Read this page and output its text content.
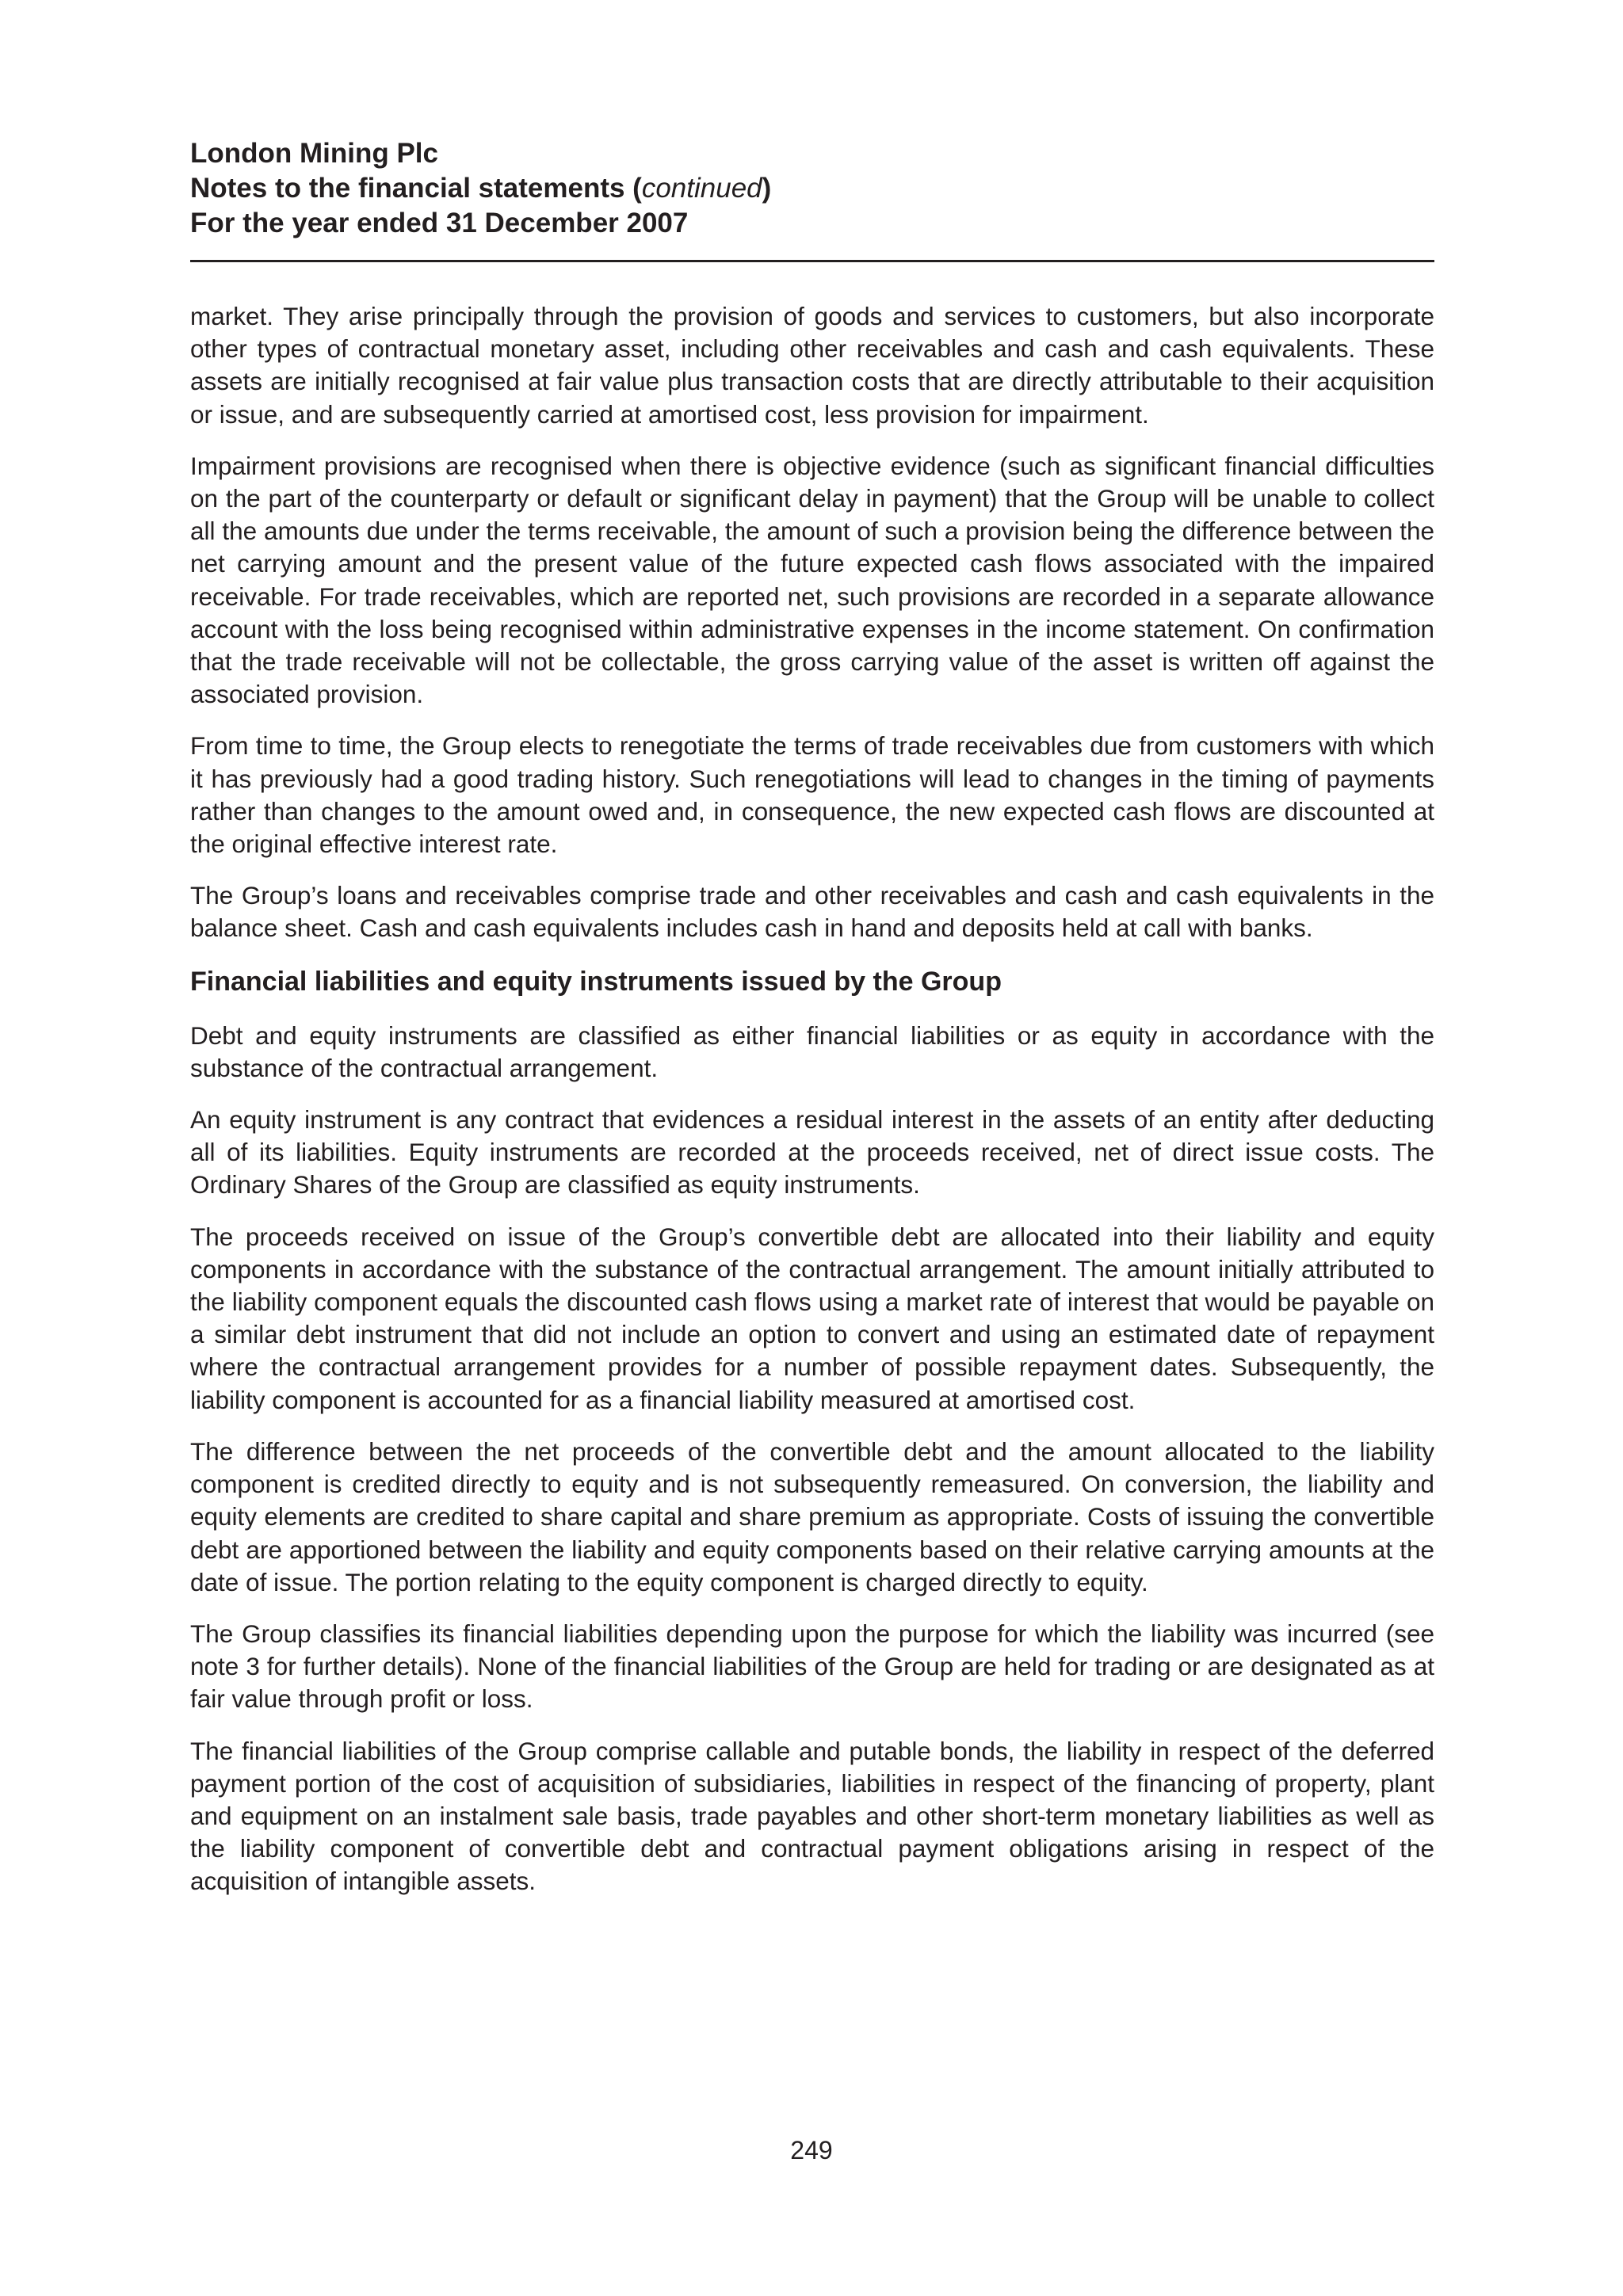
London Mining Plc

Notes to the financial statements (continued)

For the year ended 31 December 2007

market. They arise principally through the provision of goods and services to customers, but also incorporate other types of contractual monetary asset, including other receivables and cash and cash equivalents. These assets are initially recognised at fair value plus transaction costs that are directly attributable to their acquisition or issue, and are subsequently carried at amortised cost, less provision for impairment.

Impairment provisions are recognised when there is objective evidence (such as significant financial difficulties on the part of the counterparty or default or significant delay in payment) that the Group will be unable to collect all the amounts due under the terms receivable, the amount of such a provision being the difference between the net carrying amount and the present value of the future expected cash flows associated with the impaired receivable. For trade receivables, which are reported net, such provisions are recorded in a separate allowance account with the loss being recognised within administrative expenses in the income statement. On confirmation that the trade receivable will not be collectable, the gross carrying value of the asset is written off against the associated provision.

From time to time, the Group elects to renegotiate the terms of trade receivables due from customers with which it has previously had a good trading history. Such renegotiations will lead to changes in the timing of payments rather than changes to the amount owed and, in consequence, the new expected cash flows are discounted at the original effective interest rate.

The Group’s loans and receivables comprise trade and other receivables and cash and cash equivalents in the balance sheet. Cash and cash equivalents includes cash in hand and deposits held at call with banks.

Financial liabilities and equity instruments issued by the Group

Debt and equity instruments are classified as either financial liabilities or as equity in accordance with the substance of the contractual arrangement.

An equity instrument is any contract that evidences a residual interest in the assets of an entity after deducting all of its liabilities. Equity instruments are recorded at the proceeds received, net of direct issue costs. The Ordinary Shares of the Group are classified as equity instruments.

The proceeds received on issue of the Group’s convertible debt are allocated into their liability and equity components in accordance with the substance of the contractual arrangement. The amount initially attributed to the liability component equals the discounted cash flows using a market rate of interest that would be payable on a similar debt instrument that did not include an option to convert and using an estimated date of repayment where the contractual arrangement provides for a number of possible repayment dates. Subsequently, the liability component is accounted for as a financial liability measured at amortised cost.

The difference between the net proceeds of the convertible debt and the amount allocated to the liability component is credited directly to equity and is not subsequently remeasured. On conversion, the liability and equity elements are credited to share capital and share premium as appropriate. Costs of issuing the convertible debt are apportioned between the liability and equity components based on their relative carrying amounts at the date of issue. The portion relating to the equity component is charged directly to equity.

The Group classifies its financial liabilities depending upon the purpose for which the liability was incurred (see note 3 for further details). None of the financial liabilities of the Group are held for trading or are designated as at fair value through profit or loss.

The financial liabilities of the Group comprise callable and putable bonds, the liability in respect of the deferred payment portion of the cost of acquisition of subsidiaries, liabilities in respect of the financing of property, plant and equipment on an instalment sale basis, trade payables and other short-term monetary liabilities as well as the liability component of convertible debt and contractual payment obligations arising in respect of the acquisition of intangible assets.

249
